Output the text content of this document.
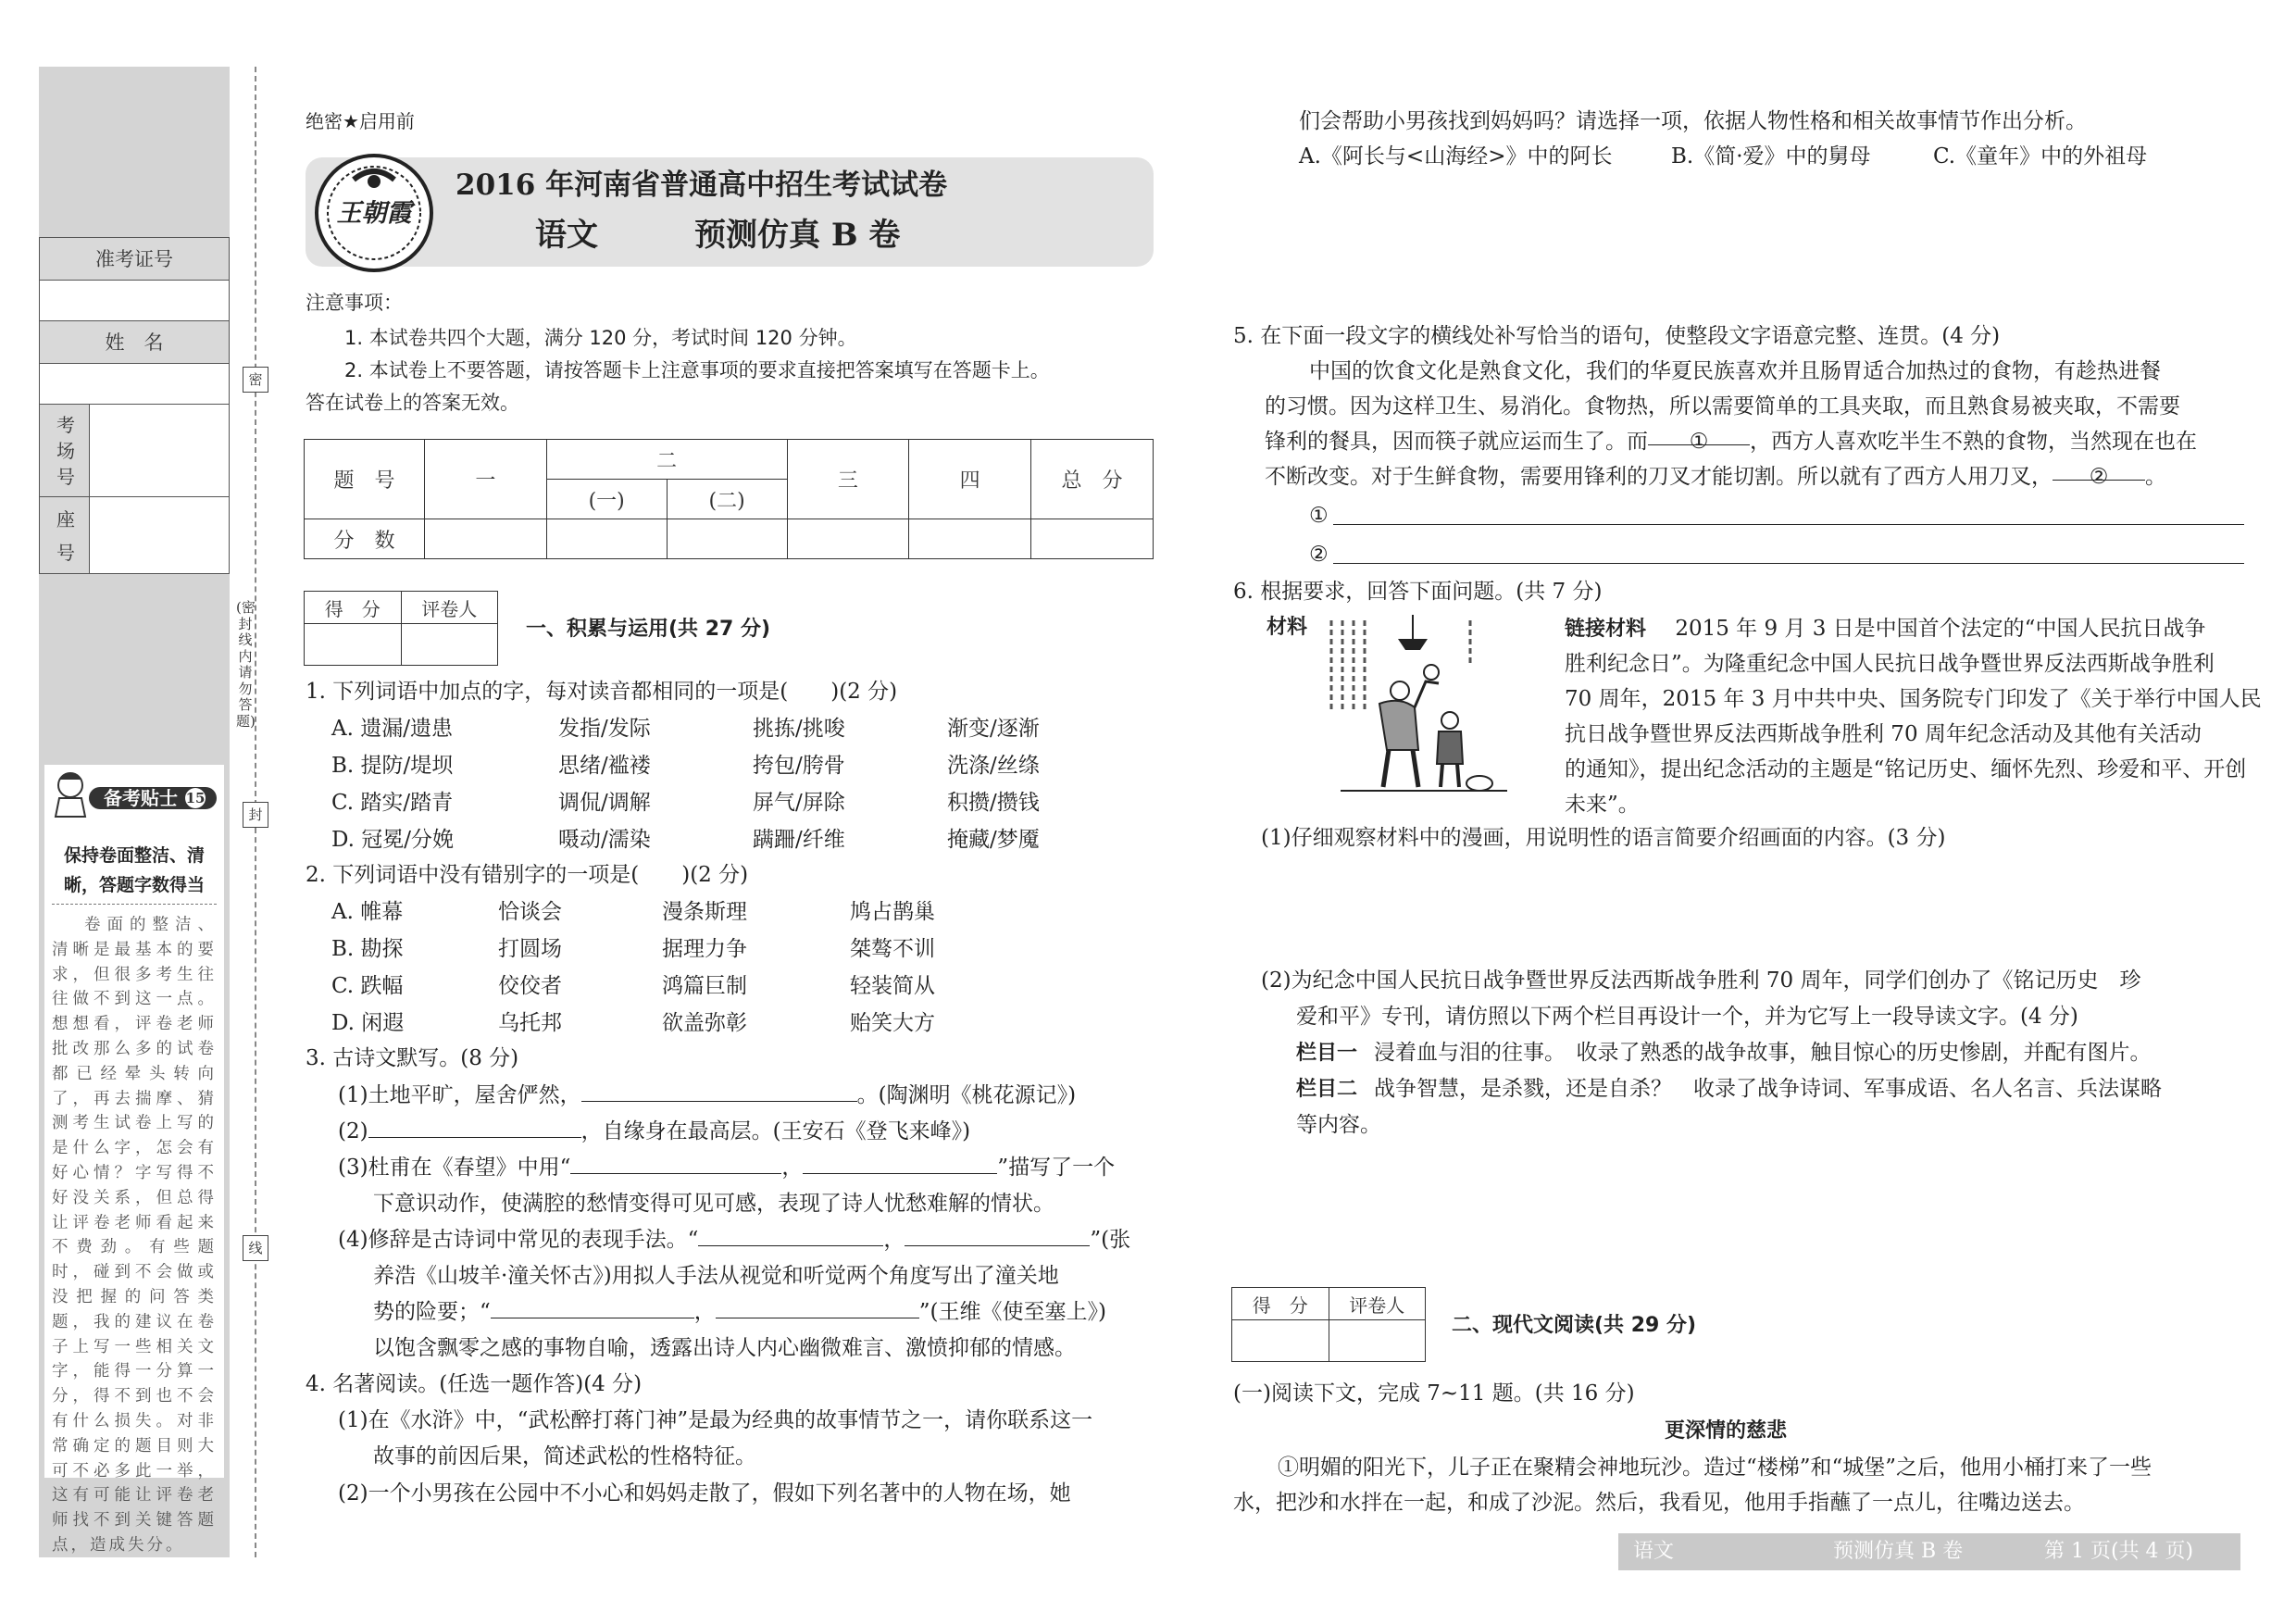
准考证号
姓　名
考场号
座号
密
(密封线内请勿答题)
封
线
备考贴士 15
保持卷面整洁、清晰，答题字数得当
卷面的整洁、清晰是最基本的要求，但很多考生往往做不到这一点。想想看，评卷老师批改那么多的试卷都已经晕头转向了，再去揣摩、猜测考生试卷上写的是什么字，怎会有好心情？字写得不好没关系，但总得让评卷老师看起来不费劲。有些题时，碰到不会做或没把握的问答类题，我的建议在卷子上写一些相关文字，能得一分算一分，得不到也不会有什么损失。对非常确定的题目则大可不必多此一举，这有可能让评卷老师找不到关键答题点，造成失分。
绝密★启用前
王朝霞
2016 年河南省普通高中招生考试试卷
语文	预测仿真 B 卷
注意事项：
1. 本试卷共四个大题，满分 120 分，考试时间 120 分钟。
2. 本试卷上不要答题，请按答题卡上注意事项的要求直接把答案填写在答题卡上。
答在试卷上的答案无效。
题　号	一	二		三	四	总　分
		(一)	(二)			
分　数						
得　分	评卷人

一、积累与运用(共 27 分)
1. 下列词语中加点的字，每对读音都相同的一项是(　　)(2 分)
A. 遗漏/遗患	发指/发际	挑拣/挑唆	渐变/逐渐
B. 提防/堤坝	思绪/褴褛	挎包/胯骨	洗涤/丝绦
C. 踏实/踏青	调侃/调解	屏气/屏除	积攒/攒钱
D. 冠冕/分娩	嗫动/濡染	蹒跚/纤维	掩藏/梦魇
2. 下列词语中没有错别字的一项是(　　)(2 分)
A. 帷幕	恰谈会	漫条斯理	鸠占鹊巢
B. 勘探	打圆场	据理力争	桀骜不训
C. 跌幅	佼佼者	鸿篇巨制	轻装简从
D. 闲遐	乌托邦	欲盖弥彰	贻笑大方
3. 古诗文默写。(8 分)
(1)土地平旷，屋舍俨然，	。(陶渊明《桃花源记》)
(2)	，自缘身在最高层。(王安石《登飞来峰》)
(3)杜甫在《春望》中用“	，	”描写了一个
下意识动作，使满腔的愁情变得可见可感，表现了诗人忧愁难解的情状。
(4)修辞是古诗词中常见的表现手法。“	，	”(张
养浩《山坡羊·潼关怀古》)用拟人手法从视觉和听觉两个角度写出了潼关地
势的险要；“	，	”(王维《使至塞上》)
以饱含飘零之感的事物自喻，透露出诗人内心幽微难言、激愤抑郁的情感。
4. 名著阅读。(任选一题作答)(4 分)
(1)在《水浒》中，“武松醉打蒋门神”是最为经典的故事情节之一，请你联系这一
故事的前因后果，简述武松的性格特征。
(2)一个小男孩在公园中不小心和妈妈走散了，假如下列名著中的人物在场，她
们会帮助小男孩找到妈妈吗？请选择一项，依据人物性格和相关故事情节作出分析。
A.《阿长与<山海经>》中的阿长	B.《简·爱》中的舅母	C.《童年》中的外祖母
5. 在下面一段文字的横线处补写恰当的语句，使整段文字语意完整、连贯。(4 分)
中国的饮食文化是熟食文化，我们的华夏民族喜欢并且肠胃适合加热过的食物，有趁热进餐
的习惯。因为这样卫生、易消化。食物热，所以需要简单的工具夹取，而且熟食易被夹取，不需要
锋利的餐具，因而筷子就应运而生了。而 ① ，西方人喜欢吃半生不熟的食物，当然现在也在
不断改变。对于生鲜食物，需要用锋利的刀叉才能切割。所以就有了西方人用刀叉， ② 。
①
②
6. 根据要求，回答下面问题。(共 7 分)
材料	链接材料 2015 年 9 月 3 日是中国首个法定的“中国人民抗日战争
胜利纪念日”。为隆重纪念中国人民抗日战争暨世界反法西斯战争胜利
70 周年，2015 年 3 月中共中央、国务院专门印发了《关于举行中国人民
抗日战争暨世界反法西斯战争胜利 70 周年纪念活动及其他有关活动
的通知》，提出纪念活动的主题是“铭记历史、缅怀先烈、珍爱和平、开创
未来”。
(1)仔细观察材料中的漫画，用说明性的语言简要介绍画面的内容。(3 分)
(2)为纪念中国人民抗日战争暨世界反法西斯战争胜利 70 周年，同学们创办了《铭记历史　珍
爱和平》专刊，请仿照以下两个栏目再设计一个，并为它写上一段导读文字。(4 分)
栏目一 浸着血与泪的往事。　收录了熟悉的战争故事，触目惊心的历史惨剧，并配有图片。
栏目二 战争智慧，是杀戮，还是自杀？　收录了战争诗词、军事成语、名人名言、兵法谋略
等内容。
得　分	评卷人

二、现代文阅读(共 29 分)
(一)阅读下文，完成 7~11 题。(共 16 分)
更深情的慈悲
①明媚的阳光下，儿子正在聚精会神地玩沙。造过“楼梯”和“城堡”之后，他用小桶打来了一些
水，把沙和水拌在一起，和成了沙泥。然后，我看见，他用手指蘸了一点儿，往嘴边送去。
语文	预测仿真 B 卷	第 1 页(共 4 页)
